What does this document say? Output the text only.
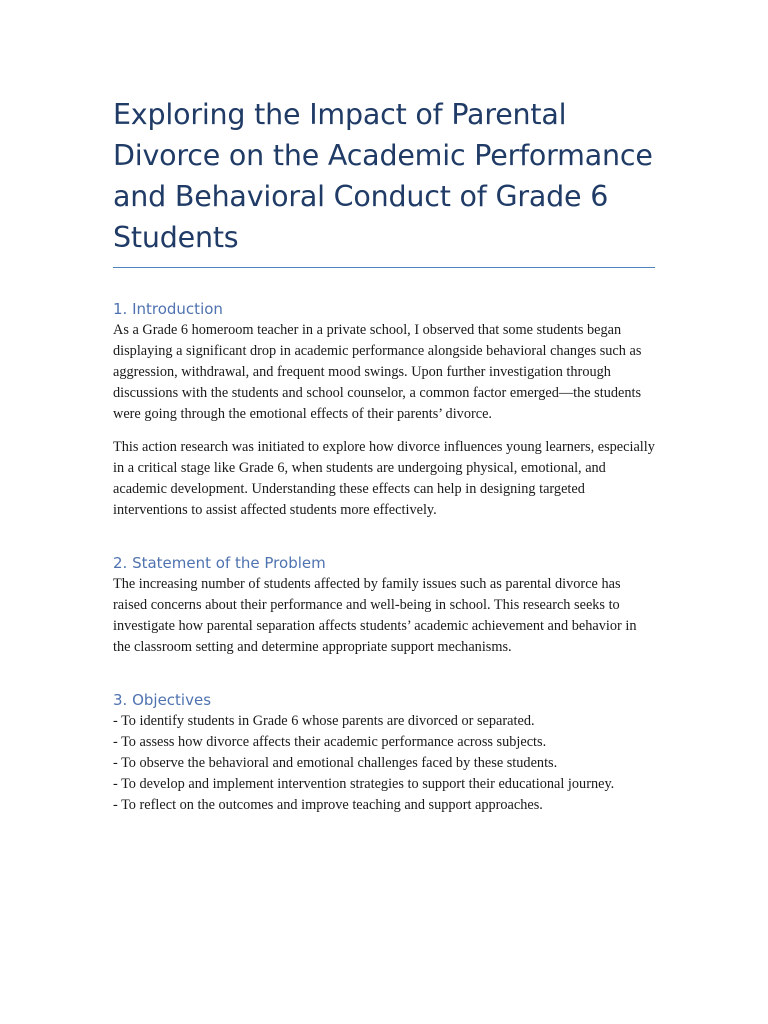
Exploring the Impact of Parental Divorce on the Academic Performance and Behavioral Conduct of Grade 6 Students
1. Introduction

As a Grade 6 homeroom teacher in a private school, I observed that some students began displaying a significant drop in academic performance alongside behavioral changes such as aggression, withdrawal, and frequent mood swings. Upon further investigation through discussions with the students and school counselor, a common factor emerged—the students were going through the emotional effects of their parents’ divorce.

This action research was initiated to explore how divorce influences young learners, especially in a critical stage like Grade 6, when students are undergoing physical, emotional, and academic development. Understanding these effects can help in designing targeted interventions to assist affected students more effectively.

2. Statement of the Problem

The increasing number of students affected by family issues such as parental divorce has raised concerns about their performance and well-being in school. This research seeks to investigate how parental separation affects students’ academic achievement and behavior in the classroom setting and determine appropriate support mechanisms.

3. Objectives

- To identify students in Grade 6 whose parents are divorced or separated.

- To assess how divorce affects their academic performance across subjects.

- To observe the behavioral and emotional challenges faced by these students.

- To develop and implement intervention strategies to support their educational journey.

- To reflect on the outcomes and improve teaching and support approaches.
